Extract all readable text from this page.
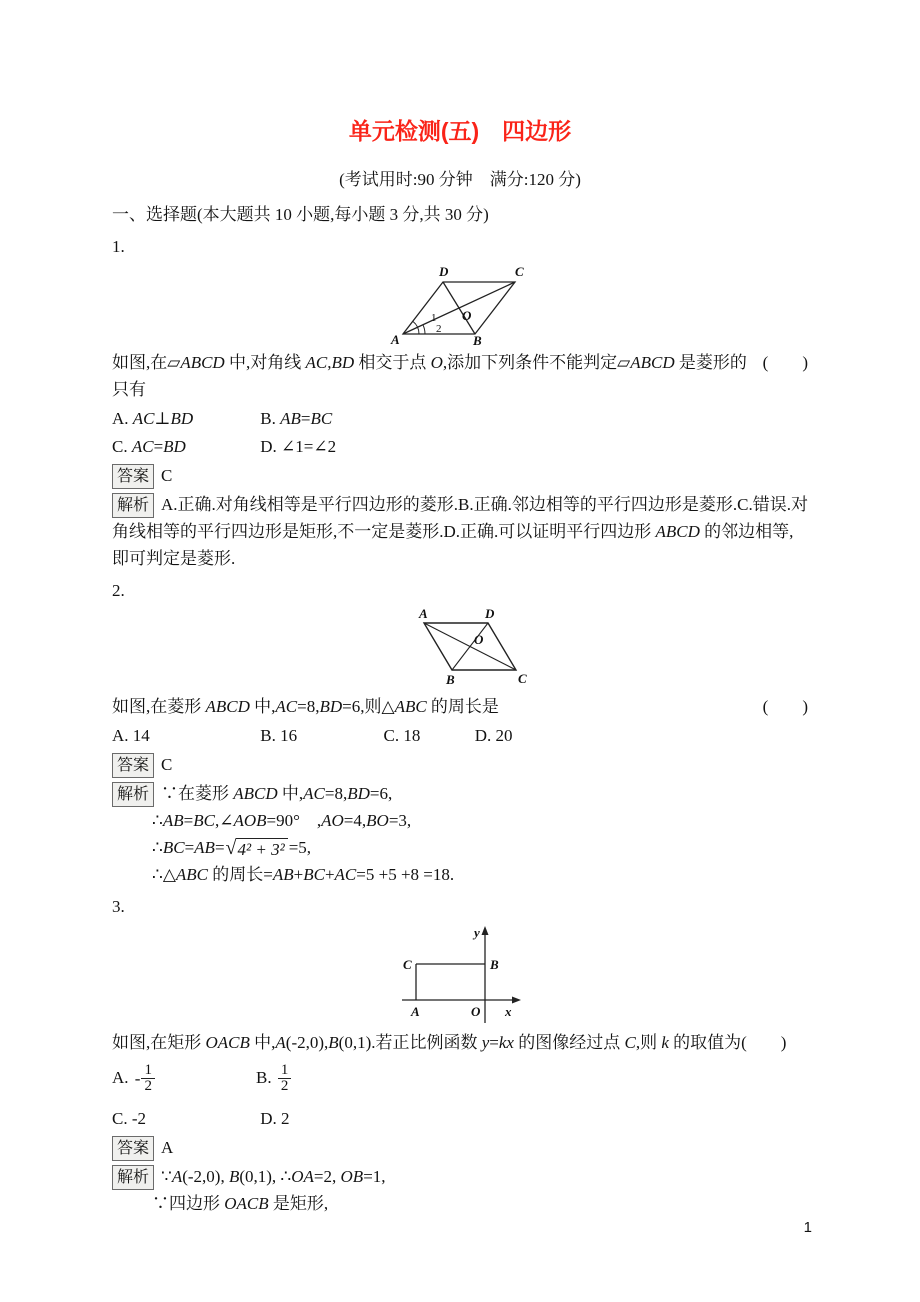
单元检测(五)　四边形
(考试用时:90 分钟　满分:120 分)
一、选择题(本大题共 10 小题,每小题 3 分,共 30 分)
1.
A	B
C
D
O
1
2
如图,在▱ABCD 中,对角线 AC,BD 相交于点 O,添加下列条件不能判定▱ABCD 是菱形的只有
(　　)
A. AC⊥BD	B. AB=BC
C. AC=BD	D. ∠1=∠2
答案 C
解析 A.正确.对角线相等是平行四边形的菱形.B.正确.邻边相等的平行四边形是菱形.C.错误.对角线相等的平行四边形是矩形,不一定是菱形.D.正确.可以证明平行四边形 ABCD 的邻边相等,即可判定是菱形.
2.
A	D
B	C
O
如图,在菱形 ABCD 中,AC=8,BD=6,则△ABC 的周长是	(　　)
A. 14	B. 16	C. 18	D. 20
答案 C
解析 ∵在菱形 ABCD 中,AC=8,BD=6,
∴AB=BC,∠AOB=90°　,AO=4,BO=3,
∴BC=AB= √ 4² + 3² =5,
∴△ABC 的周长=AB+BC+AC=5 +5 +8 =18.
3.
y
x
C	B
A	O
如图,在矩形 OACB 中,A(-2,0),B(0,1).若正比例函数 y=kx 的图像经过点 C,则 k 的取值为(　　)
A. - 1
2	B. 1
2
C. -2	D. 2
答案 A
解析 ∵A(-2,0), B(0,1), ∴OA=2, OB=1,
∵四边形 OACB 是矩形,
1
